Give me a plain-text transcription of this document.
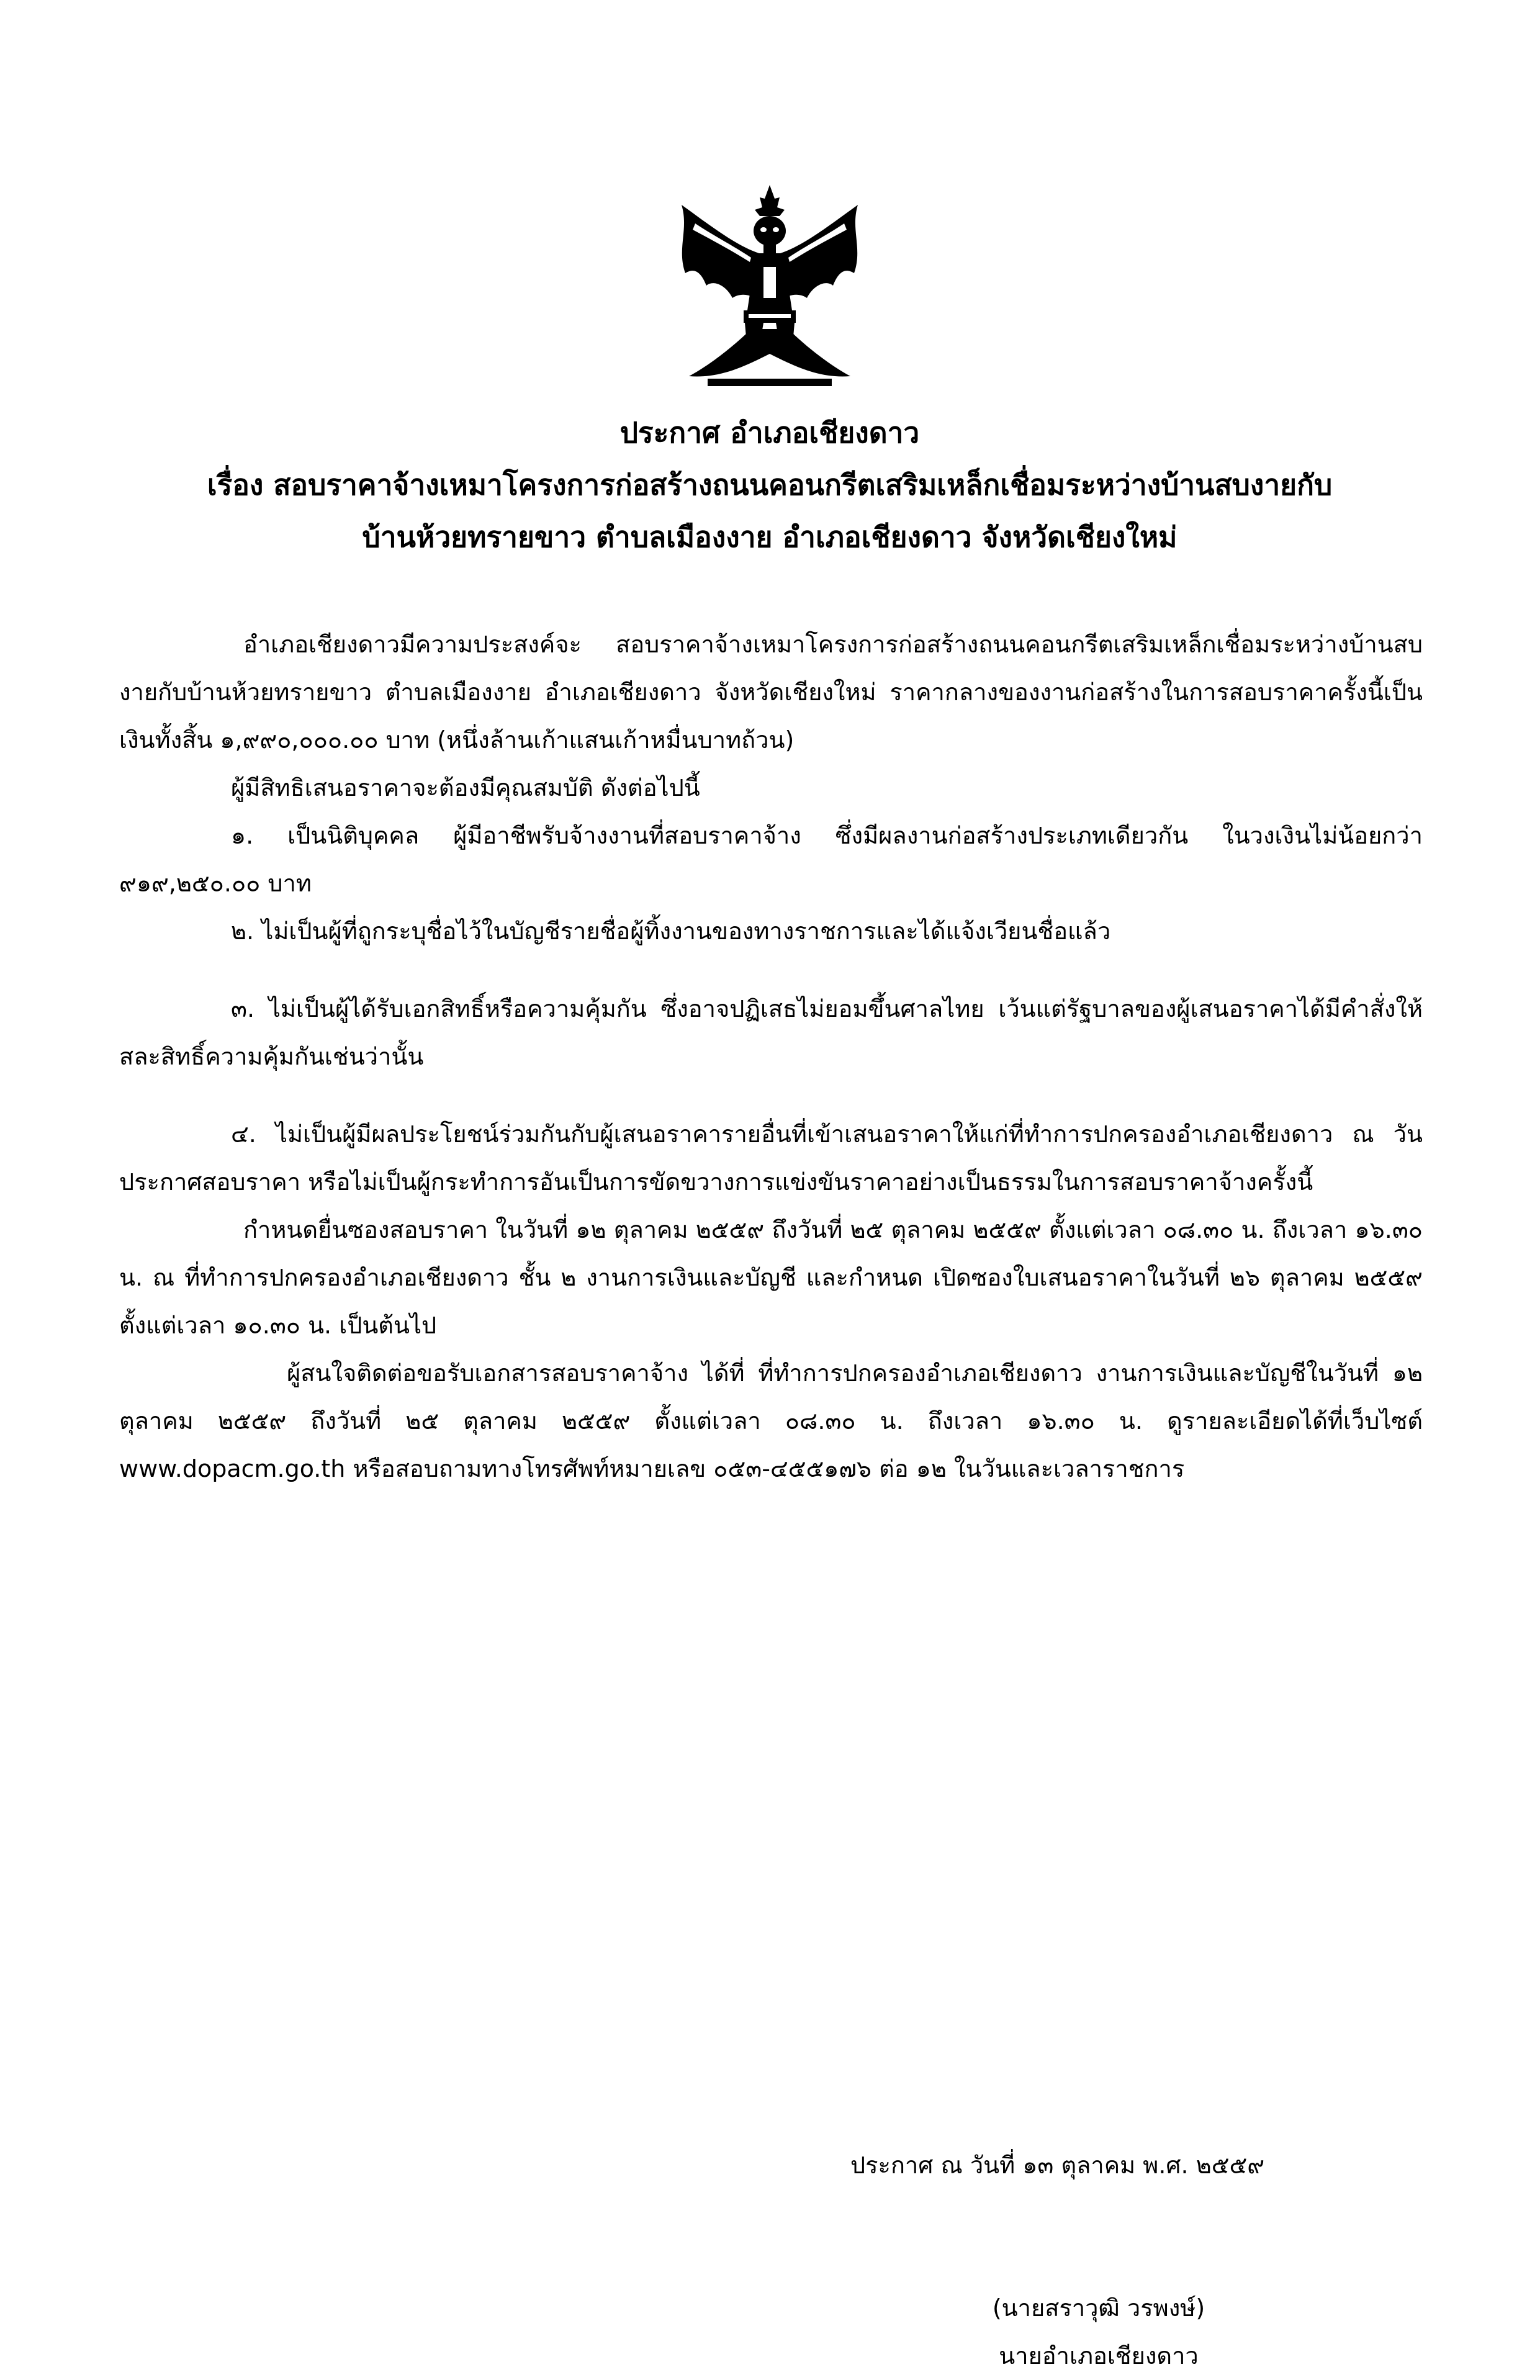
ประกาศ อำเภอเชียงดาว
เรื่อง สอบราคาจ้างเหมาโครงการก่อสร้างถนนคอนกรีตเสริมเหล็กเชื่อมระหว่างบ้านสบงายกับ
บ้านห้วยทรายขาว ตำบลเมืองงาย อำเภอเชียงดาว จังหวัดเชียงใหม่

อำเภอเชียงดาวมีความประสงค์จะ สอบราคาจ้างเหมาโครงการก่อสร้างถนนคอนกรีตเสริมเหล็กเชื่อมระหว่างบ้านสบงายกับบ้านห้วยทรายขาว ตำบลเมืองงาย อำเภอเชียงดาว จังหวัดเชียงใหม่ ราคากลางของงานก่อสร้างในการสอบราคาครั้งนี้เป็นเงินทั้งสิ้น ๑,๙๙๐,๐๐๐.๐๐ บาท (หนึ่งล้านเก้าแสนเก้าหมื่นบาทถ้วน)

ผู้มีสิทธิเสนอราคาจะต้องมีคุณสมบัติ ดังต่อไปนี้

๑. เป็นนิติบุคคล ผู้มีอาชีพรับจ้างงานที่สอบราคาจ้าง ซึ่งมีผลงานก่อสร้างประเภทเดียวกัน ในวงเงินไม่น้อยกว่า ๙๑๙,๒๕๐.๐๐ บาท

๒. ไม่เป็นผู้ที่ถูกระบุชื่อไว้ในบัญชีรายชื่อผู้ทิ้งงานของทางราชการและได้แจ้งเวียนชื่อแล้ว

๓. ไม่เป็นผู้ได้รับเอกสิทธิ์หรือความคุ้มกัน ซึ่งอาจปฏิเสธไม่ยอมขึ้นศาลไทย เว้นแต่รัฐบาลของผู้เสนอราคาได้มีคำสั่งให้สละสิทธิ์ความคุ้มกันเช่นว่านั้น

๔. ไม่เป็นผู้มีผลประโยชน์ร่วมกันกับผู้เสนอราคารายอื่นที่เข้าเสนอราคาให้แก่ที่ทำการปกครองอำเภอเชียงดาว ณ วันประกาศสอบราคา หรือไม่เป็นผู้กระทำการอันเป็นการขัดขวางการแข่งขันราคาอย่างเป็นธรรมในการสอบราคาจ้างครั้งนี้

กำหนดยื่นซองสอบราคา ในวันที่ ๑๒ ตุลาคม ๒๕๕๙ ถึงวันที่ ๒๕ ตุลาคม ๒๕๕๙ ตั้งแต่เวลา ๐๘.๓๐ น. ถึงเวลา ๑๖.๓๐ น. ณ ที่ทำการปกครองอำเภอเชียงดาว ชั้น ๒ งานการเงินและบัญชี และกำหนด เปิดซองใบเสนอราคาในวันที่ ๒๖ ตุลาคม ๒๕๕๙ ตั้งแต่เวลา ๑๐.๓๐ น. เป็นต้นไป

ผู้สนใจติดต่อขอรับเอกสารสอบราคาจ้าง ได้ที่ ที่ทำการปกครองอำเภอเชียงดาว งานการเงินและบัญชีในวันที่ ๑๒ ตุลาคม ๒๕๕๙ ถึงวันที่ ๒๕ ตุลาคม ๒๕๕๙ ตั้งแต่เวลา ๐๘.๓๐ น. ถึงเวลา ๑๖.๓๐ น. ดูรายละเอียดได้ที่เว็บไซต์ www.dopacm.go.th หรือสอบถามทางโทรศัพท์หมายเลข ๐๕๓-๔๕๕๑๗๖ ต่อ ๑๒ ในวันและเวลาราชการ

ประกาศ ณ วันที่ ๑๓ ตุลาคม พ.ศ. ๒๕๕๙
(นายสราวุฒิ วรพงษ์)
นายอำเภอเชียงดาว
